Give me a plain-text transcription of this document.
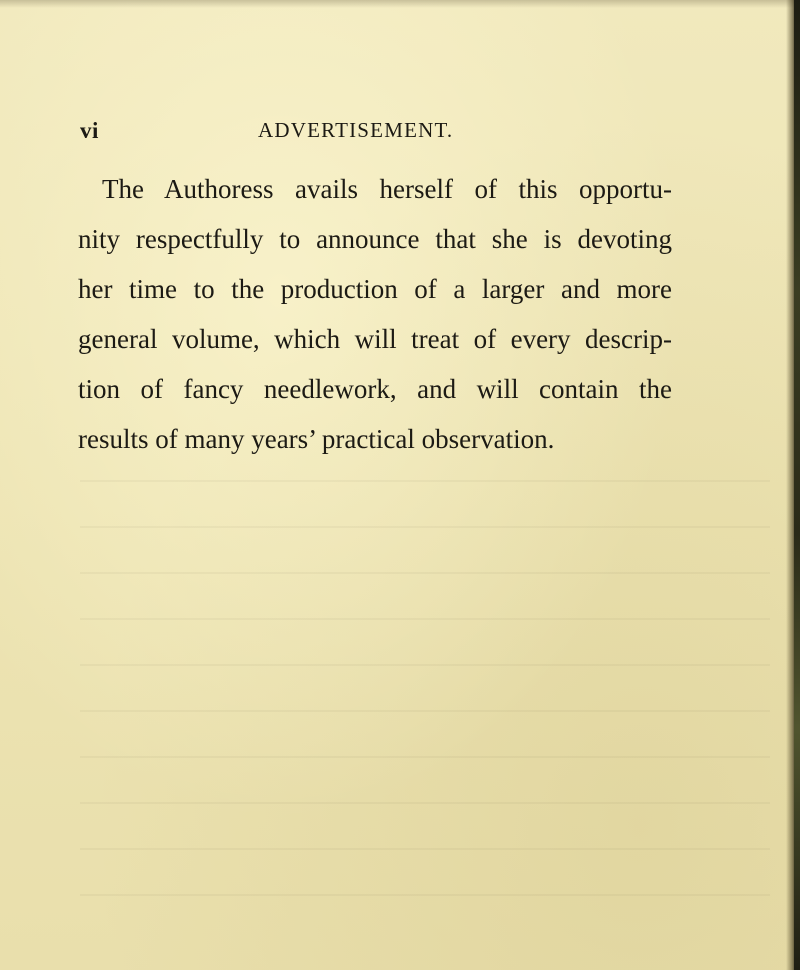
vi	ADVERTISEMENT.
The Authoress avails herself of this opportu-
nity respectfully to announce that she is devoting
her time to the production of a larger and more
general volume, which will treat of every descrip-
tion of fancy needlework, and will contain the
results of many years’ practical observation.
